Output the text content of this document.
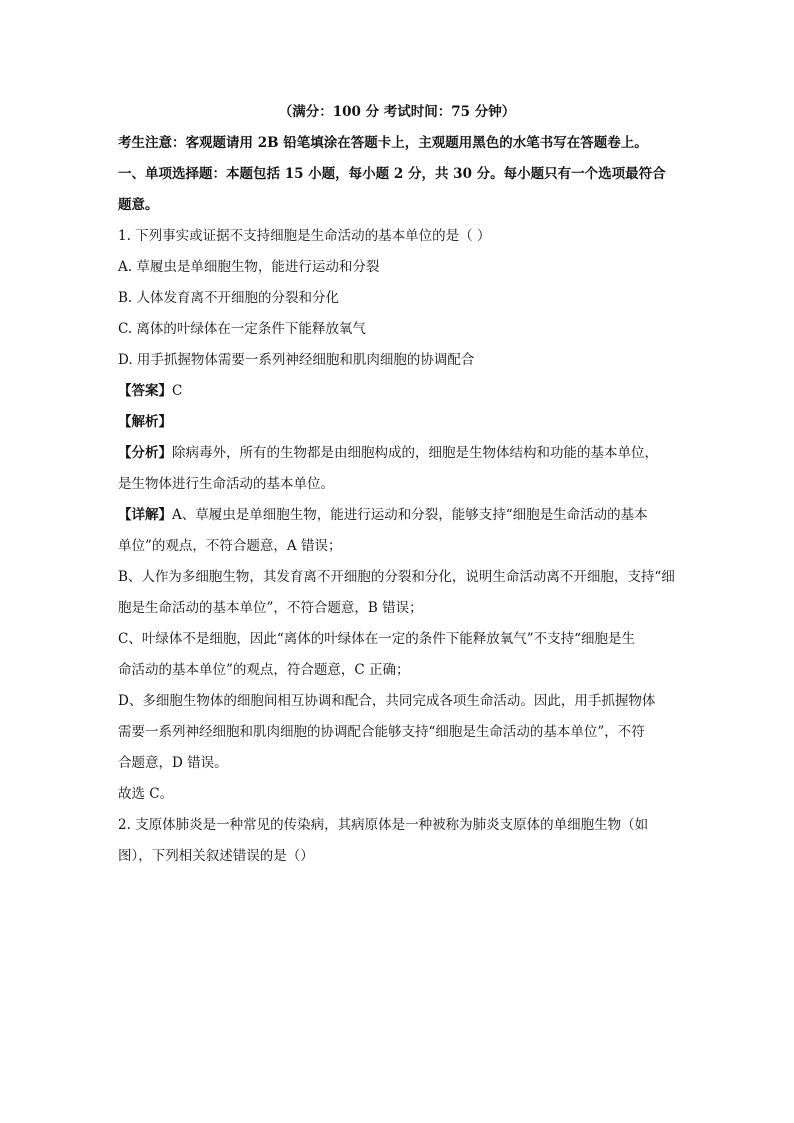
（满分：100 分 考试时间：75 分钟）
考生注意：客观题请用 2B 铅笔填涂在答题卡上，主观题用黑色的水笔书写在答题卷上。
一、单项选择题：本题包括 15 小题，每小题 2 分，共 30 分。每小题只有一个选项最符合
题意。
1. 下列事实或证据不支持细胞是生命活动的基本单位的是（ ）
A. 草履虫是单细胞生物，能进行运动和分裂
B. 人体发育离不开细胞的分裂和分化
C. 离体的叶绿体在一定条件下能释放氧气
D. 用手抓握物体需要一系列神经细胞和肌肉细胞的协调配合
【答案】C
【解析】
【分析】除病毒外，所有的生物都是由细胞构成的，细胞是生物体结构和功能的基本单位，
是生物体进行生命活动的基本单位。
【详解】A、草履虫是单细胞生物，能进行运动和分裂，能够支持“细胞是生命活动的基本
单位”的观点，不符合题意，A 错误；
B、人作为多细胞生物，其发育离不开细胞的分裂和分化，说明生命活动离不开细胞，支持“细
胞是生命活动的基本单位”，不符合题意，B 错误；
C、叶绿体不是细胞，因此“离体的叶绿体在一定的条件下能释放氧气”不支持“细胞是生
命活动的基本单位”的观点，符合题意，C 正确；
D、多细胞生物体的细胞间相互协调和配合，共同完成各项生命活动。因此，用手抓握物体
需要一系列神经细胞和肌肉细胞的协调配合能够支持“细胞是生命活动的基本单位”，不符
合题意，D 错误。
故选 C。
2. 支原体肺炎是一种常见的传染病，其病原体是一种被称为肺炎支原体的单细胞生物（如
图），下列相关叙述错误的是（）
